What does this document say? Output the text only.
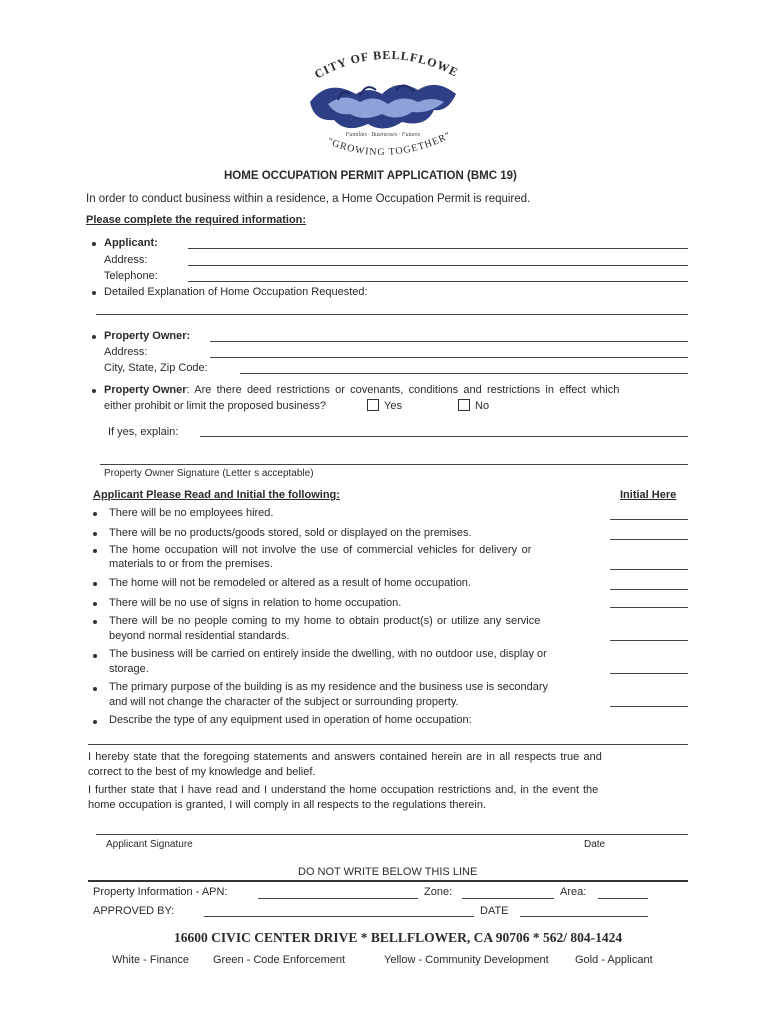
CITY OF BELLFLOWE
Families · Businesses · Futures
"GROWING TOGETHER"
HOME OCCUPATION PERMIT APPLICATION (BMC 19)
In order to conduct business within a residence, a Home Occupation Permit is required.
Please complete the required information:
Applicant:
Address:
Telephone:
Detailed Explanation of Home Occupation Requested:
Property Owner:
Address:
City, State, Zip Code:
Property Owner: Are there deed restrictions or covenants, conditions and restrictions in effect which
either prohibit or limit the proposed business?	Yes	No
If yes, explain:
Property Owner Signature (Letter s acceptable)
Applicant Please Read and Initial the following:	Initial Here
There will be no employees hired.
There will be no products/goods stored, sold or displayed on the premises.
The home occupation will not involve the use of commercial vehicles for delivery or
materials to or from the premises.
The home will not be remodeled or altered as a result of home occupation.
There will be no use of signs in relation to home occupation.
There will be no people coming to my home to obtain product(s) or utilize any service
beyond normal residential standards.
The business will be carried on entirely inside the dwelling, with no outdoor use, display or
storage.
The primary purpose of the building is as my residence and the business use is secondary
and will not change the character of the subject or surrounding property.
Describe the type of any equipment used in operation of home occupation:
I hereby state that the foregoing statements and answers contained herein are in all respects true and
correct to the best of my knowledge and belief.
I further state that I have read and I understand the home occupation restrictions and, in the event the
home occupation is granted, I will comply in all respects to the regulations therein.
Applicant Signature	Date
DO NOT WRITE BELOW THIS LINE
Property Information - APN:	Zone:	Area:
APPROVED BY:	DATE
16600 CIVIC CENTER DRIVE * BELLFLOWER, CA 90706 * 562/ 804-1424
White - Finance Green - Code Enforcement	Yellow - Community Development Gold - Applicant
